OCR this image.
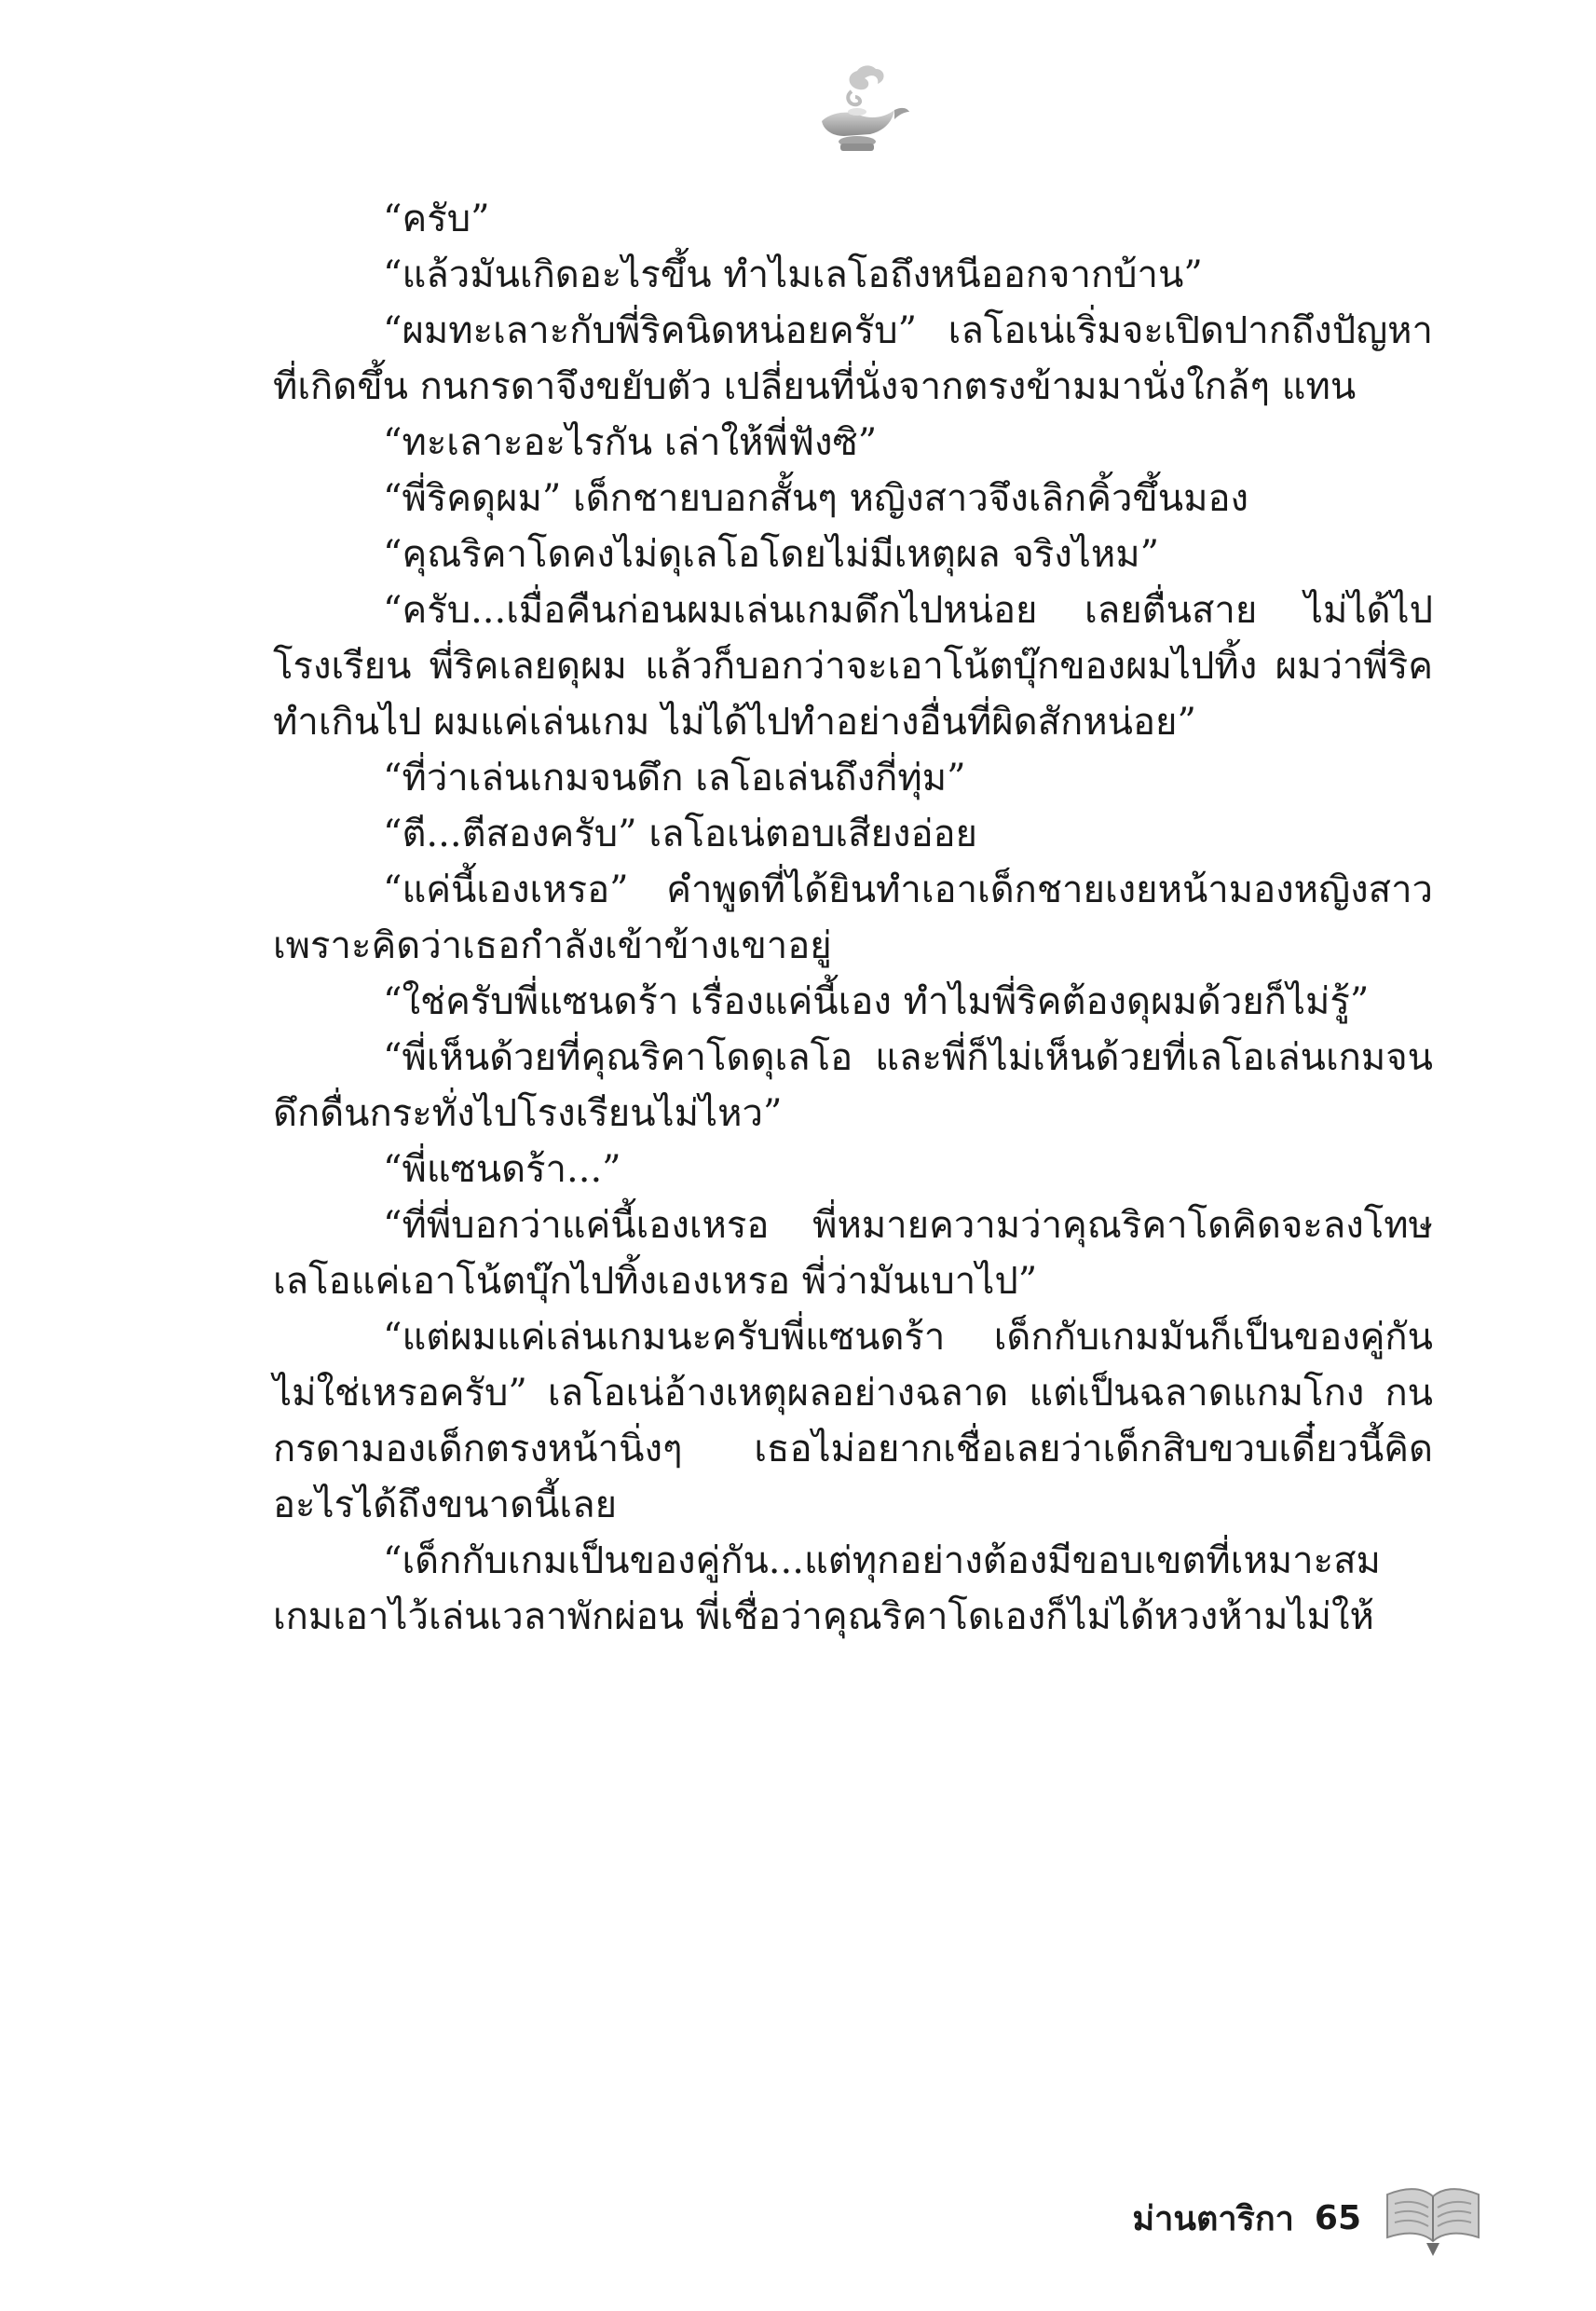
“ครับ”

“แล้วมันเกิดอะไรขึ้น ทำไมเลโอถึงหนีออกจากบ้าน”

“ผมทะเลาะกับพี่ริคนิดหน่อยครับ” เลโอเน่เริ่มจะเปิดปากถึงปัญหาที่เกิดขึ้น กนกรดาจึงขยับตัว เปลี่ยนที่นั่งจากตรงข้ามมานั่งใกล้ๆ แทน

“ทะเลาะอะไรกัน เล่าให้พี่ฟังซิ”

“พี่ริคดุผม” เด็กชายบอกสั้นๆ หญิงสาวจึงเลิกคิ้วขึ้นมอง

“คุณริคาโดคงไม่ดุเลโอโดยไม่มีเหตุผล จริงไหม”

“ครับ...เมื่อคืนก่อนผมเล่นเกมดึกไปหน่อย เลยตื่นสาย ไม่ได้ไปโรงเรียน พี่ริคเลยดุผม แล้วก็บอกว่าจะเอาโน้ตบุ๊กของผมไปทิ้ง ผมว่าพี่ริคทำเกินไป ผมแค่เล่นเกม ไม่ได้ไปทำอย่างอื่นที่ผิดสักหน่อย”

“ที่ว่าเล่นเกมจนดึก เลโอเล่นถึงกี่ทุ่ม”

“ตี...ตีสองครับ” เลโอเน่ตอบเสียงอ่อย

“แค่นี้เองเหรอ” คำพูดที่ได้ยินทำเอาเด็กชายเงยหน้ามองหญิงสาวเพราะคิดว่าเธอกำลังเข้าข้างเขาอยู่

“ใช่ครับพี่แซนดร้า เรื่องแค่นี้เอง ทำไมพี่ริคต้องดุผมด้วยก็ไม่รู้”

“พี่เห็นด้วยที่คุณริคาโดดุเลโอ และพี่ก็ไม่เห็นด้วยที่เลโอเล่นเกมจนดึกดื่นกระทั่งไปโรงเรียนไม่ไหว”

“พี่แซนดร้า...”

“ที่พี่บอกว่าแค่นี้เองเหรอ พี่หมายความว่าคุณริคาโดคิดจะลงโทษเลโอแค่เอาโน้ตบุ๊กไปทิ้งเองเหรอ พี่ว่ามันเบาไป”

“แต่ผมแค่เล่นเกมนะครับพี่แซนดร้า เด็กกับเกมมันก็เป็นของคู่กันไม่ใช่เหรอครับ” เลโอเน่อ้างเหตุผลอย่างฉลาด แต่เป็นฉลาดแกมโกง กนกรดามองเด็กตรงหน้านิ่งๆ เธอไม่อยากเชื่อเลยว่าเด็กสิบขวบเดี๋ยวนี้คิดอะไรได้ถึงขนาดนี้เลย

“เด็กกับเกมเป็นของคู่กัน...แต่ทุกอย่างต้องมีขอบเขตที่เหมาะสม เกมเอาไว้เล่นเวลาพักผ่อน พี่เชื่อว่าคุณริคาโดเองก็ไม่ได้หวงห้ามไม่ให้

ม่านตาริกา 65
